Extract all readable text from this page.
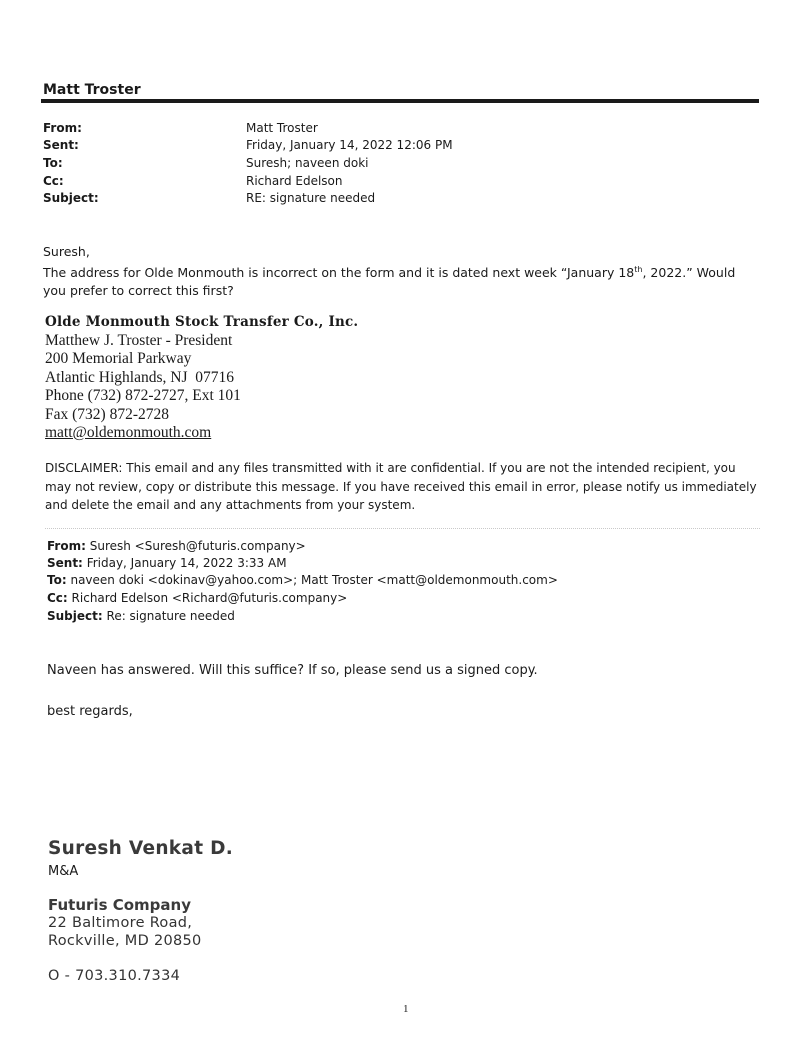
Matt Troster
From:	Matt Troster
Sent:	Friday, January 14, 2022 12:06 PM
To:	Suresh; naveen doki
Cc:	Richard Edelson
Subject:	RE: signature needed
Suresh,
The address for Olde Monmouth is incorrect on the form and it is dated next week “January 18th, 2022.” Would you prefer to correct this first?
Olde Monmouth Stock Transfer Co., Inc.
Matthew J. Troster - President
200 Memorial Parkway
Atlantic Highlands, NJ  07716
Phone (732) 872-2727, Ext 101
Fax (732) 872-2728
matt@oldemonmouth.com
DISCLAIMER: This email and any files transmitted with it are confidential. If you are not the intended recipient, you may not review, copy or distribute this message. If you have received this email in error, please notify us immediately and delete the email and any attachments from your system.
From: Suresh <Suresh@futuris.company>
Sent: Friday, January 14, 2022 3:33 AM
To: naveen doki <dokinav@yahoo.com>; Matt Troster <matt@oldemonmouth.com>
Cc: Richard Edelson <Richard@futuris.company>
Subject: Re: signature needed
Naveen has answered. Will this suffice? If so, please send us a signed copy.
best regards,
Suresh Venkat D.
M&A
Futuris Company
22 Baltimore Road,
Rockville, MD 20850
O - 703.310.7334
1
